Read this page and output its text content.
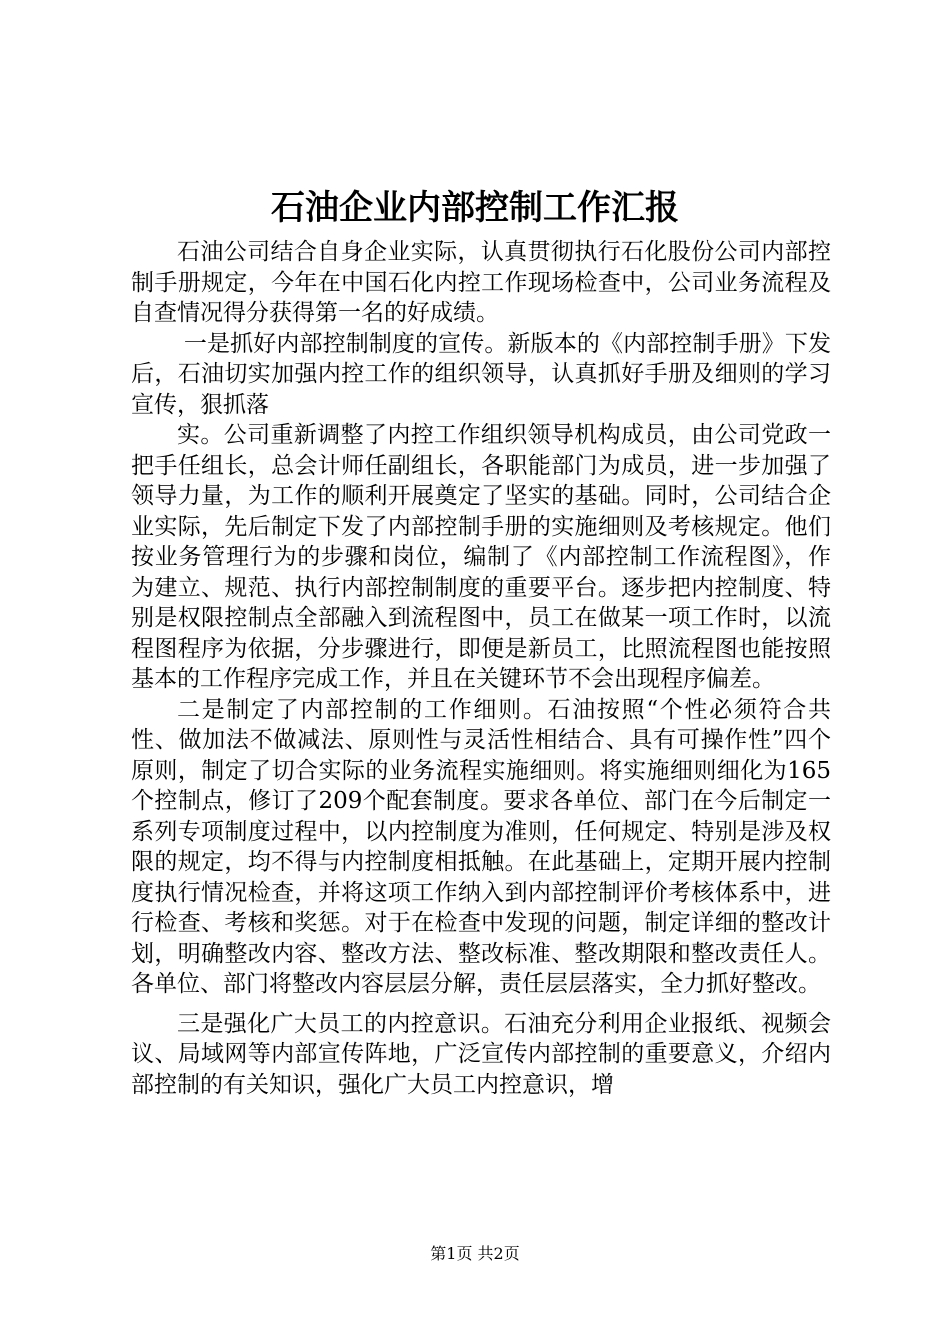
石油企业内部控制工作汇报

石油公司结合自身企业实际，认真贯彻执行石化股份公司内部控制手册规定，今年在中国石化内控工作现场检查中，公司业务流程及自查情况得分获得第一名的好成绩。

一是抓好内部控制制度的宣传。新版本的《内部控制手册》下发后，石油切实加强内控工作的组织领导，认真抓好手册及细则的学习宣传，狠抓落

实。公司重新调整了内控工作组织领导机构成员，由公司党政一把手任组长，总会计师任副组长，各职能部门为成员，进一步加强了领导力量，为工作的顺利开展奠定了坚实的基础。同时，公司结合企业实际，先后制定下发了内部控制手册的实施细则及考核规定。他们按业务管理行为的步骤和岗位，编制了《内部控制工作流程图》，作为建立、规范、执行内部控制制度的重要平台。逐步把内控制度、特别是权限控制点全部融入到流程图中，员工在做某一项工作时，以流程图程序为依据，分步骤进行，即便是新员工，比照流程图也能按照基本的工作程序完成工作，并且在关键环节不会出现程序偏差。

二是制定了内部控制的工作细则。石油按照“个性必须符合共性、做加法不做减法、原则性与灵活性相结合、具有可操作性”四个原则，制定了切合实际的业务流程实施细则。将实施细则细化为165个控制点，修订了209个配套制度。要求各单位、部门在今后制定一系列专项制度过程中，以内控制度为准则，任何规定、特别是涉及权限的规定，均不得与内控制度相抵触。在此基础上，定期开展内控制度执行情况检查，并将这项工作纳入到内部控制评价考核体系中，进行检查、考核和奖惩。对于在检查中发现的问题，制定详细的整改计划，明确整改内容、整改方法、整改标准、整改期限和整改责任人。各单位、部门将整改内容层层分解，责任层层落实，全力抓好整改。

三是强化广大员工的内控意识。石油充分利用企业报纸、视频会议、局域网等内部宣传阵地，广泛宣传内部控制的重要意义，介绍内部控制的有关知识，强化广大员工内控意识，增

第1页 共2页
